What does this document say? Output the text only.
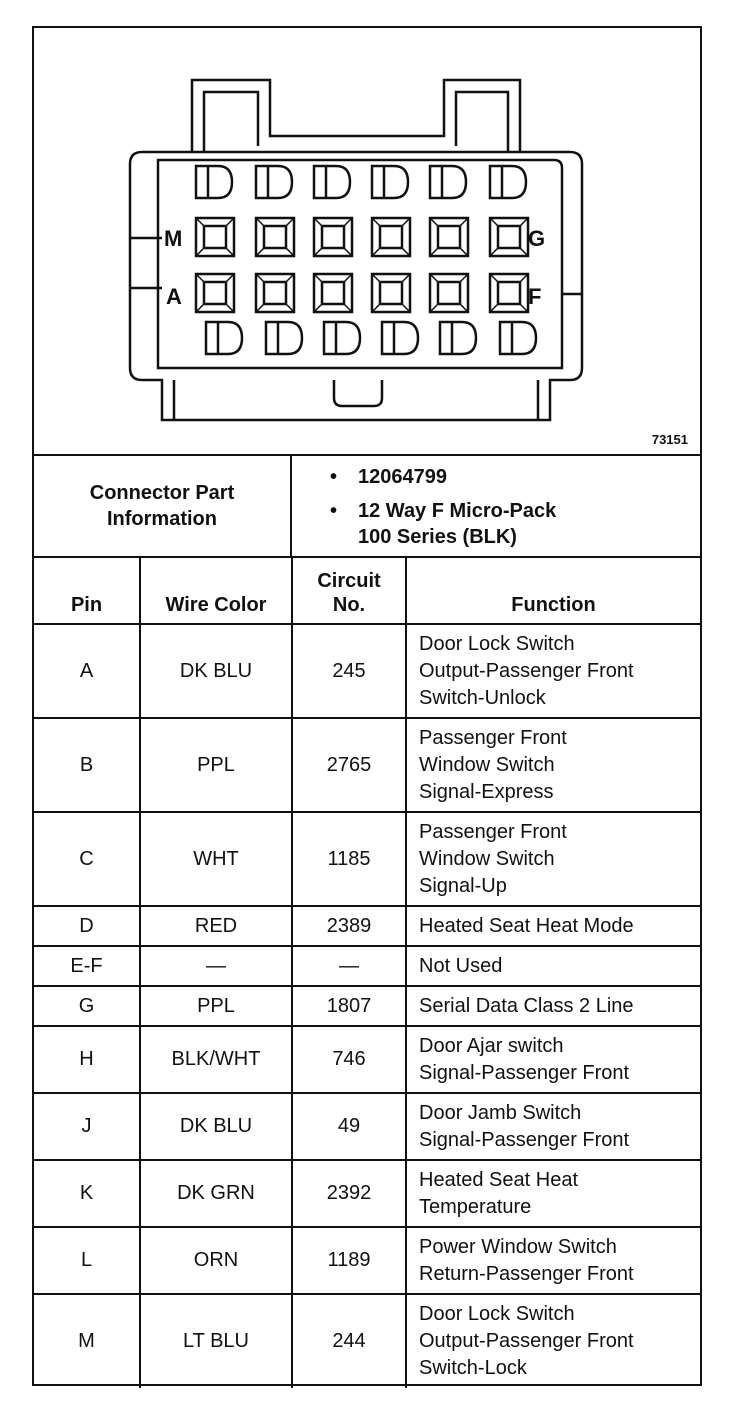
M	G
A	F
73151
Connector Part
Information
• 12064799
• 12 Way F Micro-Pack
100 Series (BLK)
Pin	Wire Color	Circuit
No.	Function
A	DK BLU	245	Door Lock Switch
Output-Passenger Front
Switch-Unlock
B	PPL	2765	Passenger Front
Window Switch
Signal-Express
C	WHT	1185	Passenger Front
Window Switch
Signal-Up
D	RED	2389	Heated Seat Heat Mode
E-F	—	—	Not Used
G	PPL	1807	Serial Data Class 2 Line
H	BLK/WHT	746	Door Ajar switch
Signal-Passenger Front
J	DK BLU	49	Door Jamb Switch
Signal-Passenger Front
K	DK GRN	2392	Heated Seat Heat
Temperature
L	ORN	1189	Power Window Switch
Return-Passenger Front
M	LT BLU	244	Door Lock Switch
Output-Passenger Front
Switch-Lock
